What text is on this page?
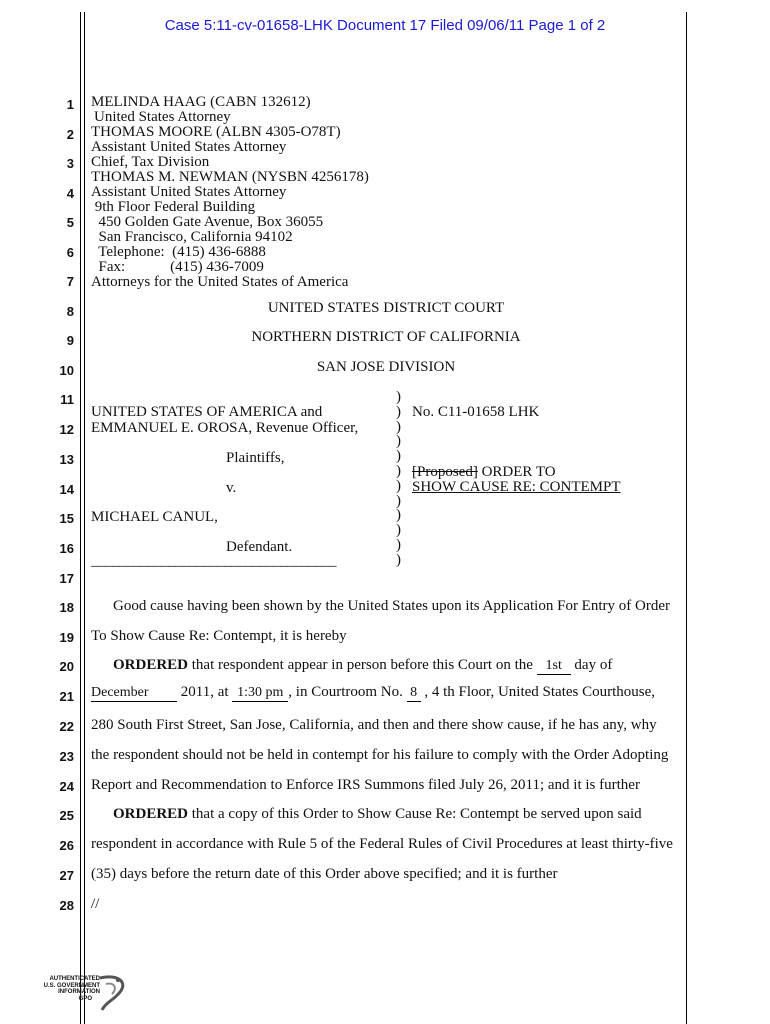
Case 5:11-cv-01658-LHK Document 17 Filed 09/06/11 Page 1 of 2
1
2
3
4
5
6
7
8
9
10
11
12
13
14
15
16
17
18
19
20
21
22
23
24
25
26
27
28
MELINDA HAAG (CABN 132612)
United States Attorney
THOMAS MOORE (ALBN 4305-O78T)
Assistant United States Attorney
Chief, Tax Division
THOMAS M. NEWMAN (NYSBN 4256178)
Assistant United States Attorney
9th Floor Federal Building
450 Golden Gate Avenue, Box 36055
San Francisco, California 94102
Telephone:  (415) 436-6888
Fax:            (415) 436-7009
Attorneys for the United States of America
UNITED STATES DISTRICT COURT
NORTHERN DISTRICT OF CALIFORNIA
SAN JOSE DIVISION
UNITED STATES OF AMERICA and
EMMANUEL E. OROSA, Revenue Officer,
Plaintiffs,
v.
MICHAEL CANUL,
Defendant.
___________________________________
)
)
)
)
)
)
)
)
)
)
)
)
No. C11-01658 LHK
[Proposed] ORDER TO
SHOW CAUSE RE: CONTEMPT
Good cause having been shown by the United States upon its Application For Entry of Order
To Show Cause Re: Contempt, it is hereby
ORDERED that respondent appear in person before this Court on the 1st day of
December 2011, at 1:30 pm , in Courtroom No. 8 , 4 th Floor, United States Courthouse,
280 South First Street, San Jose, California, and then and there show cause, if he has any, why
the respondent should not be held in contempt for his failure to comply with the Order Adopting
Report and Recommendation to Enforce IRS Summons filed July 26, 2011; and it is further
ORDERED that a copy of this Order to Show Cause Re: Contempt be served upon said
respondent in accordance with Rule 5 of the Federal Rules of Civil Procedures at least thirty-five
(35) days before the return date of this Order above specified; and it is further
//
AUTHENTICATED
U.S. GOVERNMENT
INFORMATION
GPO
